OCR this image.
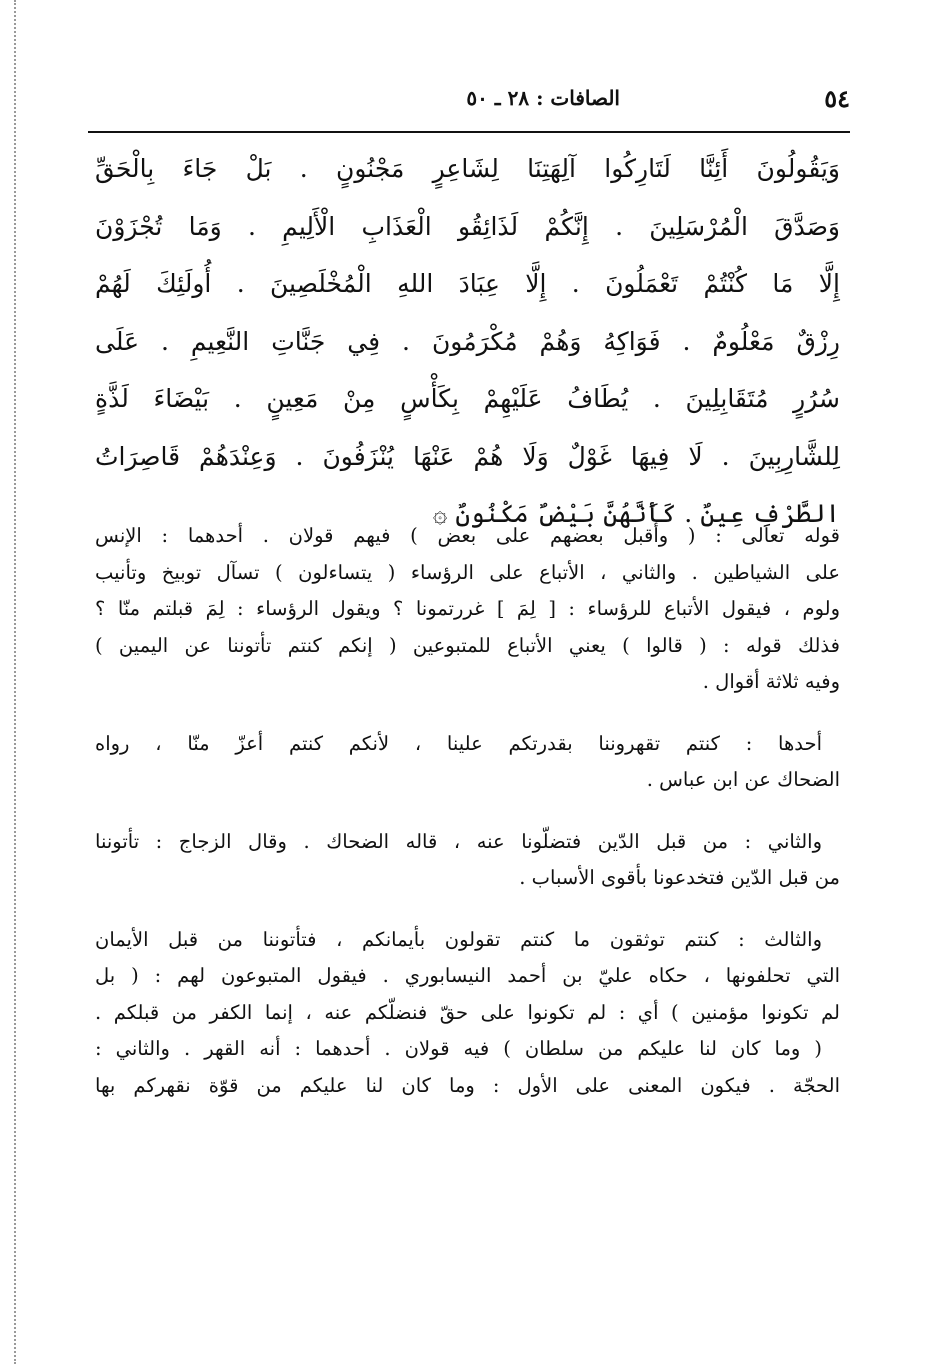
٥٤
الصافات : ٢٨ ـ ٥٠
وَيَقُولُونَ أَئِنَّا لَتَارِكُوا آلِهَتِنَا لِشَاعِرٍ مَجْنُونٍ . بَلْ جَاءَ بِالْحَقِّ
وَصَدَّقَ الْمُرْسَلِينَ . إِنَّكُمْ لَذَائِقُو الْعَذَابِ الْأَلِيمِ . وَمَا تُجْزَوْنَ
إِلَّا مَا كُنْتُمْ تَعْمَلُونَ . إِلَّا عِبَادَ اللهِ الْمُخْلَصِينَ . أُولَئِكَ لَهُمْ
رِزْقٌ مَعْلُومٌ . فَوَاكِهُ وَهُمْ مُكْرَمُونَ . فِي جَنَّاتِ النَّعِيمِ . عَلَى
سُرُرٍ مُتَقَابِلِينَ . يُطَافُ عَلَيْهِمْ بِكَأْسٍ مِنْ مَعِينٍ . بَيْضَاءَ لَذَّةٍ
لِلشَّارِبِينَ . لَا فِيهَا غَوْلٌ وَلَا هُمْ عَنْهَا يُنْزَفُونَ . وَعِنْدَهُمْ قَاصِرَاتُ
الطَّرْفِ عِينٌ . كَأَنَّهُنَّ بَيْضٌ مَكْنُونٌ ۞
قوله تعالى : ( وأقبل بعضهم على بعض ) فيهم قولان . أحدهما : الإنس
على الشياطين . والثاني ، الأتباع على الرؤساء ( يتساءلون ) تسآل توبيخ وتأنيب
ولوم ، فيقول الأتباع للرؤساء : [ لِمَ ] غررتمونا ؟ ويقول الرؤساء : لِمَ قبلتم منّا ؟
فذلك قوله : ( قالوا ) يعني الأتباع للمتبوعين ( إنكم كنتم تأتوننا عن اليمين )
وفيه ثلاثة أقوال .
أحدها : كنتم تقهروننا بقدرتكم علينا ، لأنكم كنتم أعزّ منّا ، رواه
الضحاك عن ابن عباس .
والثاني : من قبل الدّين فتضلّونا عنه ، قاله الضحاك . وقال الزجاج : تأتوننا
من قبل الدّين فتخدعونا بأقوى الأسباب .
والثالث : كنتم توثقون ما كنتم تقولون بأيمانكم ، فتأتوننا من قبل الأيمان
التي تحلفونها ، حكاه عليّ بن أحمد النيسابوري . فيقول المتبوعون لهم : ( بل
لم تكونوا مؤمنين ) أي : لم تكونوا على حقّ فنضلّكم عنه ، إنما الكفر من قبلكم .
( وما كان لنا عليكم من سلطان ) فيه قولان . أحدهما : أنه القهر . والثاني :
الحجّة . فيكون المعنى على الأول : وما كان لنا عليكم من قوّة نقهركم بها
